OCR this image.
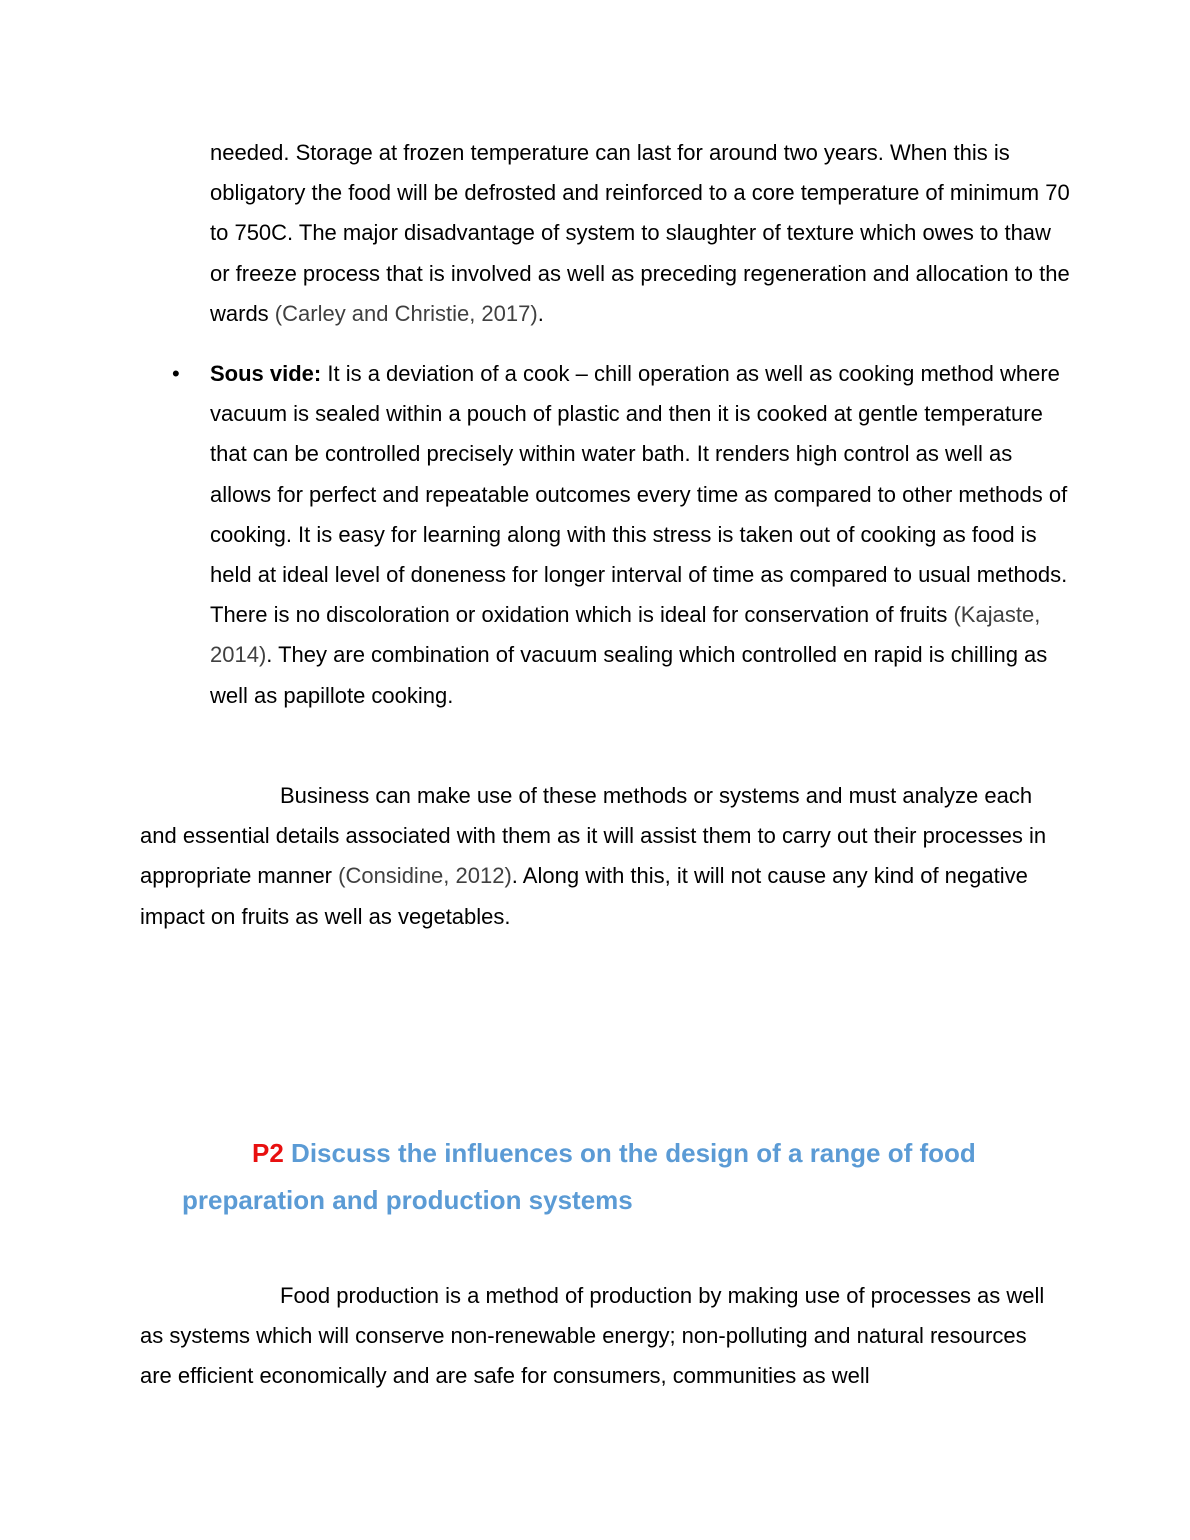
needed. Storage at frozen temperature can last for around two years. When this is obligatory the food will be defrosted and reinforced to a core temperature of minimum 70 to 750C. The major disadvantage of system to slaughter of texture which owes to thaw or freeze process that is involved as well as preceding regeneration and allocation to the wards (Carley and Christie, 2017).

• Sous vide: It is a deviation of a cook – chill operation as well as cooking method where vacuum is sealed within a pouch of plastic and then it is cooked at gentle temperature that can be controlled precisely within water bath. It renders high control as well as allows for perfect and repeatable outcomes every time as compared to other methods of cooking. It is easy for learning along with this stress is taken out of cooking as food is held at ideal level of doneness for longer interval of time as compared to usual methods. There is no discoloration or oxidation which is ideal for conservation of fruits (Kajaste, 2014). They are combination of vacuum sealing which controlled en rapid is chilling as well as papillote cooking.

Business can make use of these methods or systems and must analyze each and essential details associated with them as it will assist them to carry out their processes in appropriate manner (Considine, 2012). Along with this, it will not cause any kind of negative impact on fruits as well as vegetables.

P2 Discuss the influences on the design of a range of food preparation and production systems

Food production is a method of production by making use of processes as well as systems which will conserve non-renewable energy; non-polluting and natural resources are efficient economically and are safe for consumers, communities as well
